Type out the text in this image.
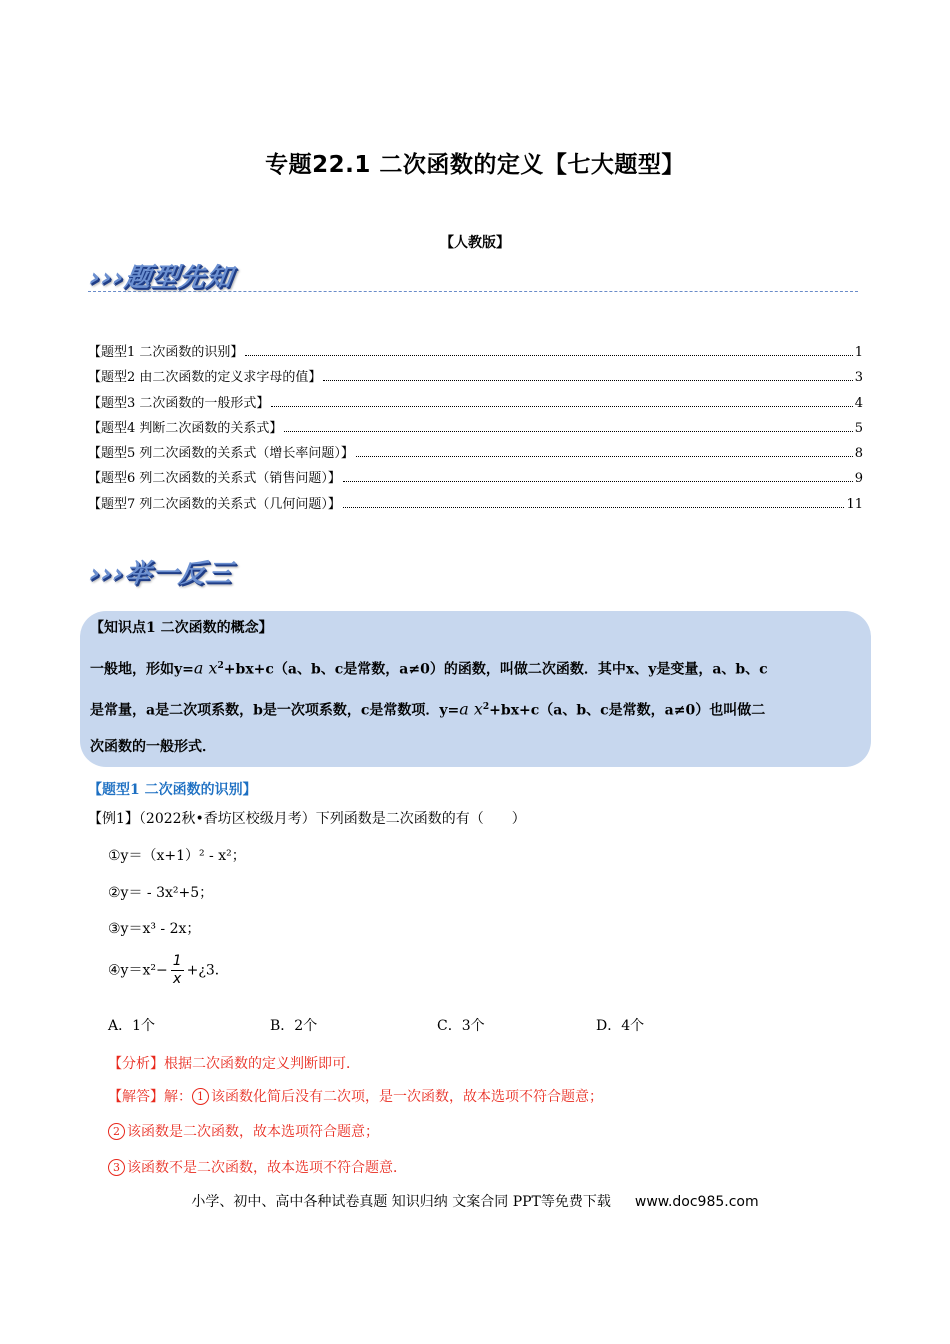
专题22.1 二次函数的定义【七大题型】
【人教版】
›››题型先知
【题型1 二次函数的识别】	1
【题型2 由二次函数的定义求字母的值】	3
【题型3 二次函数的一般形式】	4
【题型4 判断二次函数的关系式】	5
【题型5 列二次函数的关系式（增长率问题）】	8
【题型6 列二次函数的关系式（销售问题）】	9
【题型7 列二次函数的关系式（几何问题）】	11
›››举一反三
【知识点1 二次函数的概念】
一般地，形如y=a $x^2+bx+c(a$、b、c是常数，a≠0）的函数，叫做二次函数．其中x、y是变量，a、b、c
是常量，a是二次项系数，b是一次项系数，c是常数项．y=a $x^2+bx+c(a$、b、c是常数，a≠0）也叫做二
次函数的一般形式．
【题型1 二次函数的识别】
【例1】（2022秋•香坊区校级月考）下列函数是二次函数的有（　　）
①y＝（x+1）² - x²；
②y＝ - 3x²+5；
③y＝x³ - 2x；
④y＝x²− $\frac{1}{x}$ +¿3．
A．1个	B．2个	C．3个	D．4个
【分析】根据二次函数的定义判断即可．
【解答】解： 1 该函数化简后没有二次项，是一次函数，故本选项不符合题意；
2 该函数是二次函数，故本选项符合题意；
3 该函数不是二次函数，故本选项不符合题意．
小学、初中、高中各种试卷真题 知识归纳 文案合同 PPT等免费下载 www.doc985.com
